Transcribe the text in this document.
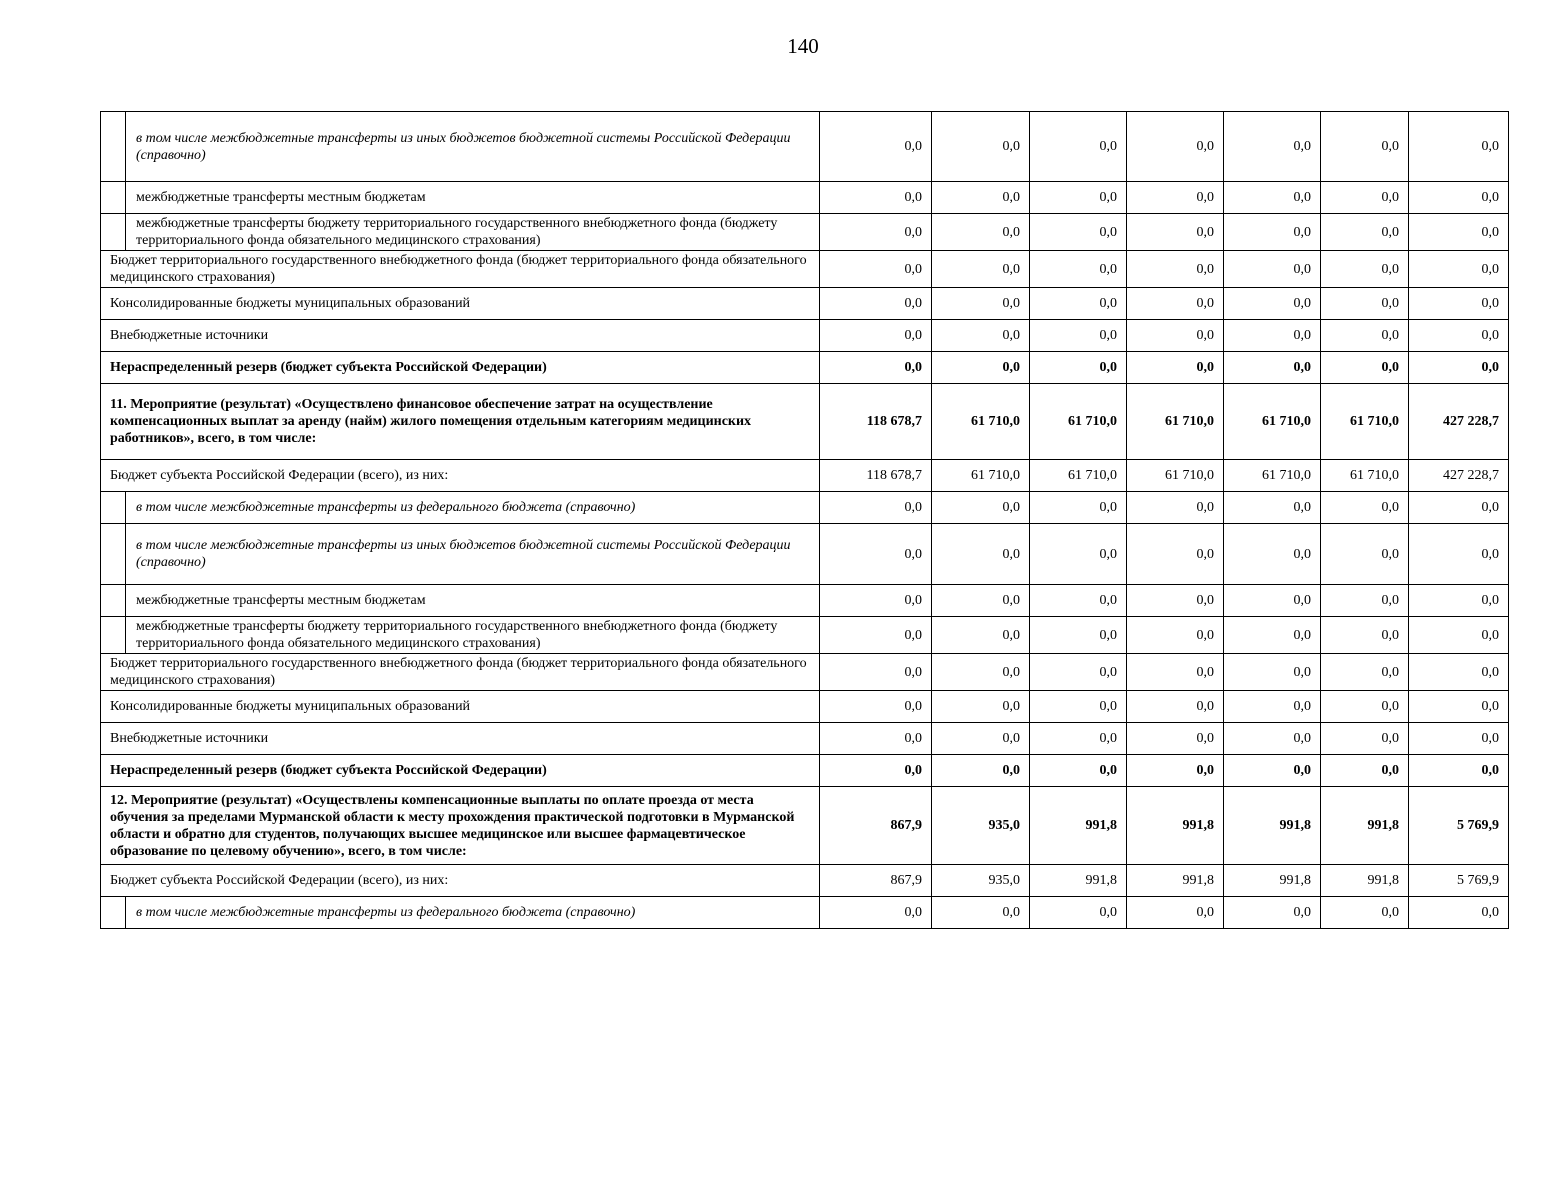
140
	в том числе межбюджетные трансферты из иных бюджетов бюджетной системы Российской Федерации (справочно)	0,0	0,0	0,0	0,0	0,0	0,0	0,0
	межбюджетные трансферты местным бюджетам	0,0	0,0	0,0	0,0	0,0	0,0	0,0
	межбюджетные трансферты бюджету территориального государственного внебюджетного фонда (бюджету территориального фонда обязательного медицинского страхования)	0,0	0,0	0,0	0,0	0,0	0,0	0,0
Бюджет территориального государственного внебюджетного фонда (бюджет территориального фонда обязательного медицинского страхования)		0,0	0,0	0,0	0,0	0,0	0,0	0,0
Консолидированные бюджеты муниципальных образований		0,0	0,0	0,0	0,0	0,0	0,0	0,0
Внебюджетные источники		0,0	0,0	0,0	0,0	0,0	0,0	0,0
Нераспределенный резерв (бюджет субъекта Российской Федерации)		0,0	0,0	0,0	0,0	0,0	0,0	0,0
11. Мероприятие (результат) «Осуществлено финансовое обеспечение затрат на осуществление компенсационных выплат за аренду (найм) жилого помещения отдельным категориям медицинских работников», всего, в том числе:		118 678,7	61 710,0	61 710,0	61 710,0	61 710,0	61 710,0	427 228,7
Бюджет субъекта Российской Федерации (всего), из них:		118 678,7	61 710,0	61 710,0	61 710,0	61 710,0	61 710,0	427 228,7
	в том числе межбюджетные трансферты из федерального бюджета (справочно)	0,0	0,0	0,0	0,0	0,0	0,0	0,0
	в том числе межбюджетные трансферты из иных бюджетов бюджетной системы Российской Федерации (справочно)	0,0	0,0	0,0	0,0	0,0	0,0	0,0
	межбюджетные трансферты местным бюджетам	0,0	0,0	0,0	0,0	0,0	0,0	0,0
	межбюджетные трансферты бюджету территориального государственного внебюджетного фонда (бюджету территориального фонда обязательного медицинского страхования)	0,0	0,0	0,0	0,0	0,0	0,0	0,0
Бюджет территориального государственного внебюджетного фонда (бюджет территориального фонда обязательного медицинского страхования)		0,0	0,0	0,0	0,0	0,0	0,0	0,0
Консолидированные бюджеты муниципальных образований		0,0	0,0	0,0	0,0	0,0	0,0	0,0
Внебюджетные источники		0,0	0,0	0,0	0,0	0,0	0,0	0,0
Нераспределенный резерв (бюджет субъекта Российской Федерации)		0,0	0,0	0,0	0,0	0,0	0,0	0,0
12. Мероприятие (результат) «Осуществлены компенсационные выплаты по оплате проезда от места обучения за пределами Мурманской области к месту прохождения практической подготовки в Мурманской области и обратно для студентов, получающих высшее медицинское или высшее фармацевтическое образование по целевому обучению», всего, в том числе:		867,9	935,0	991,8	991,8	991,8	991,8	5 769,9
Бюджет субъекта Российской Федерации (всего), из них:		867,9	935,0	991,8	991,8	991,8	991,8	5 769,9
	в том числе межбюджетные трансферты из федерального бюджета (справочно)	0,0	0,0	0,0	0,0	0,0	0,0	0,0
